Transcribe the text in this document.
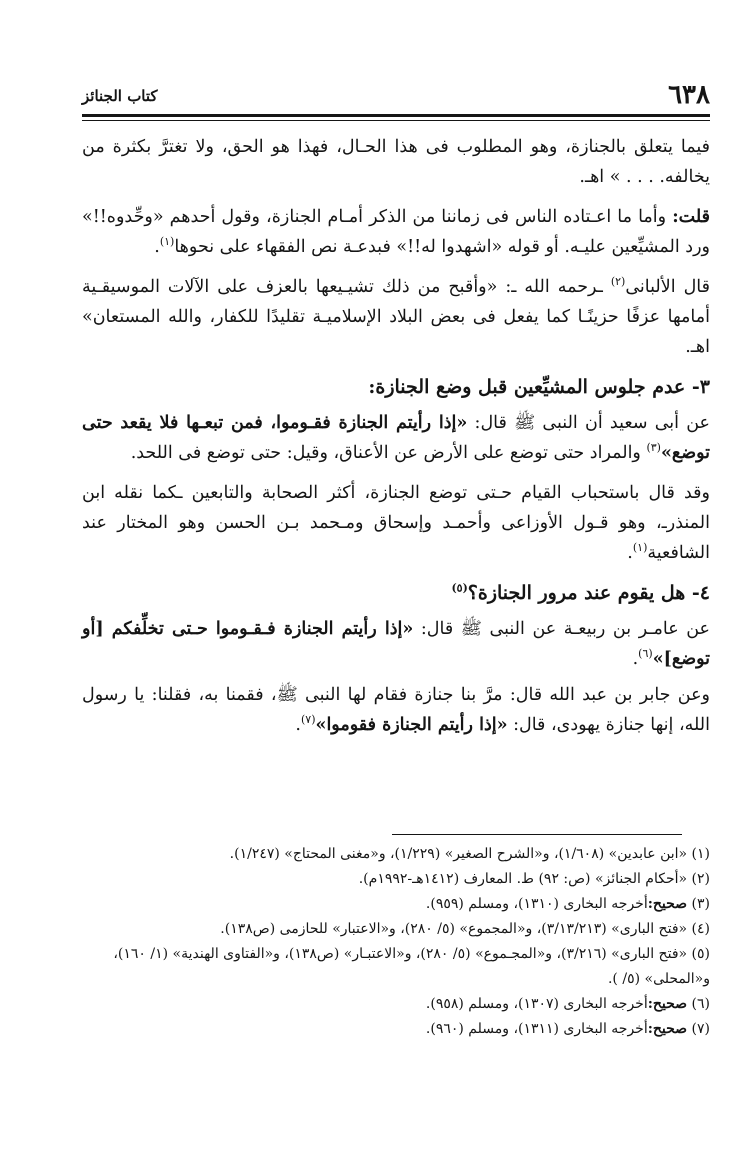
٦٣٨
كتاب الجنائز

فيما يتعلق بالجنازة، وهو المطلوب فى هذا الحـال، فهذا هو الحق، ولا تغترَّ بكثرة من يخالفه. . . . » اهـ.

قلت: وأما ما اعـتاده الناس فى زماننا من الذكر أمـام الجنازة، وقول أحدهم «وحِّدوه!!» ورد المشيِّعين عليـه. أو قوله «اشهدوا له!!» فبدعـة نص الفقهاء على نحوها$^{(١)}$.

قال الألبانى$^{(٢)}$ ـرحمه الله ـ: «وأقبح من ذلك تشيـيعها بالعزف على الآلات الموسيقـية أمامها عزفًا حزينًـا كما يفعل فى بعض البلاد الإسلاميـة تقليدًا للكفار، والله المستعان» اهـ.

٣- عدم جلوس المشيِّعين قبل وضع الجنازة:

عن أبى سعيد أن النبى ﷺ قال: «إذا رأيتم الجنازة فقـوموا، فمن تبعـها فلا يقعد حتى توضع»$^{(٣)}$ والمراد حتى توضع على الأرض عن الأعناق، وقيل: حتى توضع فى اللحد.

وقد قال باستحباب القيام حـتى توضع الجنازة، أكثر الصحابة والتابعين ـكما نقله ابن المنذرـ، وهو قـول الأوزاعى وأحمـد وإسحاق ومـحمد بـن الحسن وهو المختار عند الشافعية$^{(١)}$.

٤- هل يقوم عند مرور الجنازة؟$^{(٥)}$

عن عامـر بن ربيعـة عن النبى ﷺ قال: «إذا رأيتم الجنازة فـقـوموا حـتى تخلِّفكم [أو توضع]»$^{(٦)}$.

وعن جابر بن عبد الله قال: مرَّ بنا جنازة فقام لها النبى ﷺ، فقمنا به، فقلنا: يا رسول الله، إنها جنازة يهودى، قال: «إذا رأيتم الجنازة فقوموا»$^{(٧)}$.

(١) «ابن عابدين» (١/٦٠٨)، و«الشرح الصغير» (١/٢٢٩)، و«مغنى المحتاج» (١/٢٤٧).

(٢) «أحكام الجنائز» (ص: ٩٢) ط. المعارف (١٤١٢هـ-١٩٩٢م).

(٣) صحيح:أخرجه البخارى (١٣١٠)، ومسلم (٩٥٩).

(٤) «فتح البارى» (٣/١٣/٢١٣)، و«المجموع» (٥/ ٢٨٠)، و«الاعتبار» للحازمى (ص١٣٨).

(٥) «فتح البارى» (٣/٢١٦)، و«المجـموع» (٥/ ٢٨٠)، و«الاعتبـار» (ص١٣٨)، و«الفتاوى الهندية» (١/ ١٦٠)، و«المحلى» (٥/ ).

(٦) صحيح:أخرجه البخارى (١٣٠٧)، ومسلم (٩٥٨).

(٧) صحيح:أخرجه البخارى (١٣١١)، ومسلم (٩٦٠).
